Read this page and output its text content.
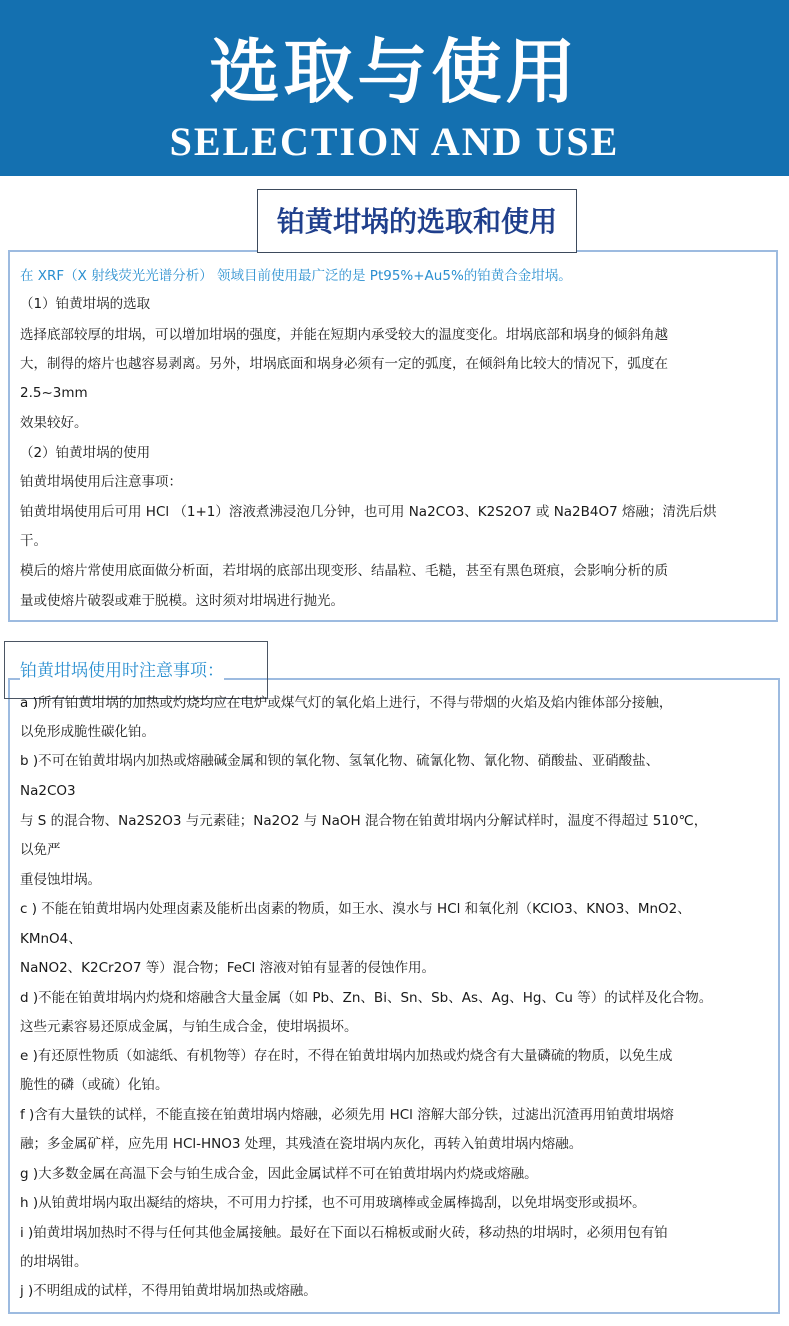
选取与使用
SELECTION AND USE
铂黄坩埚的选取和使用
在 XRF（X 射线荧光光谱分析） 领域目前使用最广泛的是 Pt95%+Au5%的铂黄合金坩埚。
（1）铂黄坩埚的选取
选择底部较厚的坩埚，可以增加坩埚的强度，并能在短期内承受较大的温度变化。坩埚底部和埚身的倾斜角越
大，制得的熔片也越容易剥离。另外，坩埚底面和埚身必须有一定的弧度，在倾斜角比较大的情况下，弧度在
2.5~3mm
效果较好。
（2）铂黄坩埚的使用
铂黄坩埚使用后注意事项：
铂黄坩埚使用后可用 HCl （1+1）溶液煮沸浸泡几分钟，也可用 Na2CO3、K2S2O7 或 Na2B4O7 熔融；清洗后烘
干。
模后的熔片常使用底面做分析面，若坩埚的底部出现变形、结晶粒、毛糙，甚至有黑色斑痕，会影响分析的质
量或使熔片破裂或难于脱模。这时须对坩埚进行抛光。
铂黄坩埚使用时注意事项：
a )所有铂黄坩埚的加热或灼烧均应在电炉或煤气灯的氧化焰上进行，不得与带烟的火焰及焰内锥体部分接触，
以免形成脆性碳化铂。
b )不可在铂黄坩埚内加热或熔融碱金属和钡的氧化物、氢氧化物、硫氰化物、氰化物、硝酸盐、亚硝酸盐、
Na2CO3
与 S 的混合物、Na2S2O3 与元素硅；Na2O2 与 NaOH 混合物在铂黄坩埚内分解试样时，温度不得超过 510℃，
以免严
重侵蚀坩埚。
c ) 不能在铂黄坩埚内处理卤素及能析出卤素的物质，如王水、溴水与 HCl 和氧化剂（KClO3、KNO3、MnO2、
KMnO4、
NaNO2、K2Cr2O7 等）混合物；FeCl 溶液对铂有显著的侵蚀作用。
d )不能在铂黄坩埚内灼烧和熔融含大量金属（如 Pb、Zn、Bi、Sn、Sb、As、Ag、Hg、Cu 等）的试样及化合物。
这些元素容易还原成金属，与铂生成合金，使坩埚损坏。
e )有还原性物质（如滤纸、有机物等）存在时，不得在铂黄坩埚内加热或灼烧含有大量磷硫的物质，以免生成
脆性的磷（或硫）化铂。
f )含有大量铁的试样，不能直接在铂黄坩埚内熔融，必须先用 HCl 溶解大部分铁，过滤出沉渣再用铂黄坩埚熔
融；多金属矿样，应先用 HCl-HNO3 处理，其残渣在瓷坩埚内灰化，再转入铂黄坩埚内熔融。
g )大多数金属在高温下会与铂生成合金，因此金属试样不可在铂黄坩埚内灼烧或熔融。
h )从铂黄坩埚内取出凝结的熔块，不可用力拧揉，也不可用玻璃棒或金属棒捣刮，以免坩埚变形或损坏。
i )铂黄坩埚加热时不得与任何其他金属接触。最好在下面以石棉板或耐火砖，移动热的坩埚时，必须用包有铂
的坩埚钳。
j )不明组成的试样，不得用铂黄坩埚加热或熔融。
